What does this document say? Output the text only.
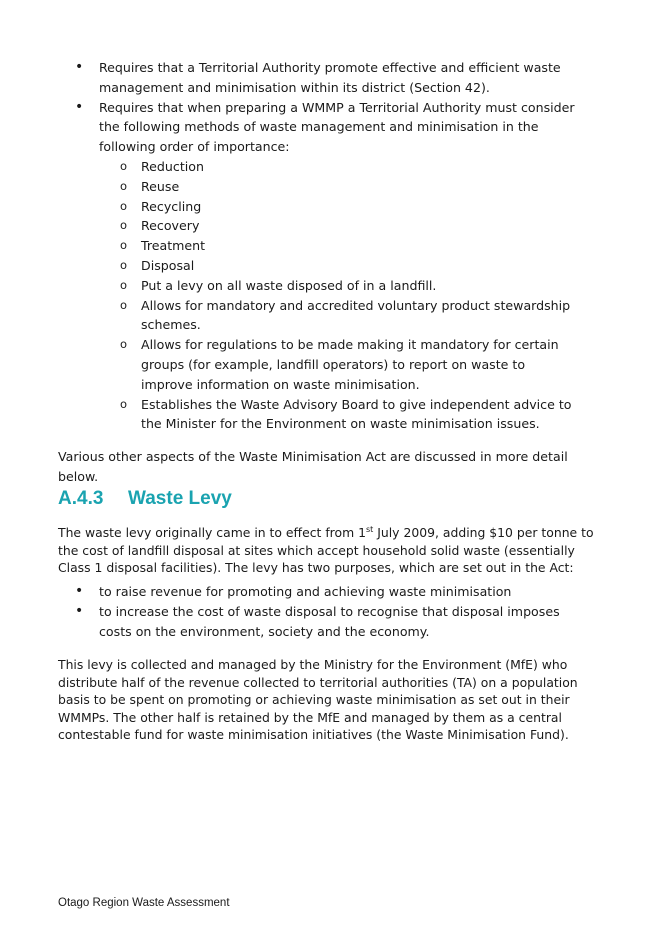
• Requires that a Territorial Authority promote effective and efficient waste management and minimisation within its district (Section 42).
• Requires that when preparing a WMMP a Territorial Authority must consider the following methods of waste management and minimisation in the following order of importance:
o Reduction
o Reuse
o Recycling
o Recovery
o Treatment
o Disposal
o Put a levy on all waste disposed of in a landfill.
o Allows for mandatory and accredited voluntary product stewardship schemes.
o Allows for regulations to be made making it mandatory for certain groups (for example, landfill operators) to report on waste to improve information on waste minimisation.
o Establishes the Waste Advisory Board to give independent advice to the Minister for the Environment on waste minimisation issues.

Various other aspects of the Waste Minimisation Act are discussed in more detail below.

A.4.3 Waste Levy

The waste levy originally came in to effect from 1st July 2009, adding $10 per tonne to the cost of landfill disposal at sites which accept household solid waste (essentially Class 1 disposal facilities). The levy has two purposes, which are set out in the Act:

• to raise revenue for promoting and achieving waste minimisation
• to increase the cost of waste disposal to recognise that disposal imposes costs on the environment, society and the economy.

This levy is collected and managed by the Ministry for the Environment (MfE) who distribute half of the revenue collected to territorial authorities (TA) on a population basis to be spent on promoting or achieving waste minimisation as set out in their WMMPs. The other half is retained by the MfE and managed by them as a central contestable fund for waste minimisation initiatives (the Waste Minimisation Fund).

Otago Region Waste Assessment
